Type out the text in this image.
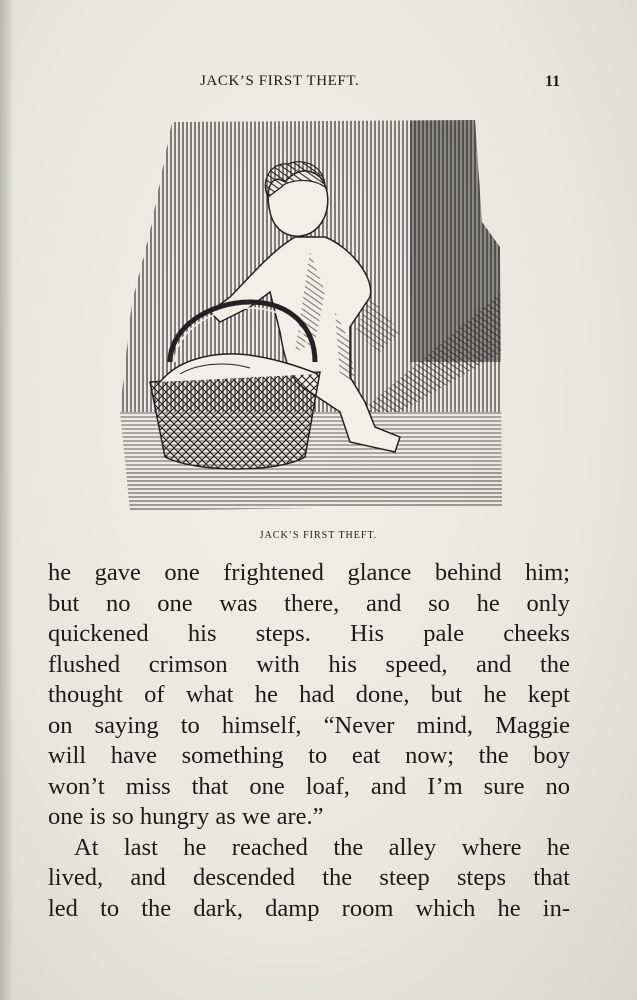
JACK’S FIRST THEFT.	11
JACK’S FIRST THEFT.
he gave one frightened glance behind him;
but no one was there, and so he only
quickened his steps. His pale cheeks
flushed crimson with his speed, and the
thought of what he had done, but he kept
on saying to himself, “Never mind, Maggie
will have something to eat now; the boy
won’t miss that one loaf, and I’m sure no
one is so hungry as we are.”
At last he reached the alley where he
lived, and descended the steep steps that
led to the dark, damp room which he in-
